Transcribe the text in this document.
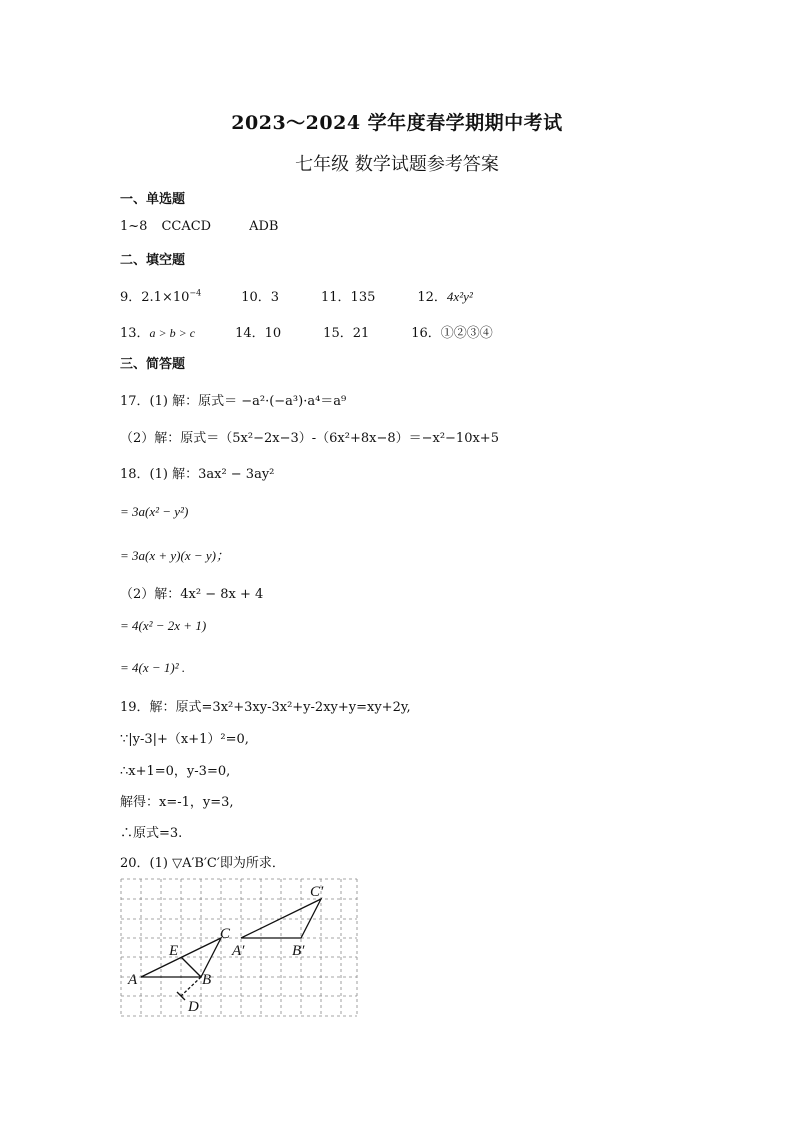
2023～2024 学年度春学期期中考试
七年级 数学试题参考答案
一、单选题
1~8 CCACD	ADB
二、填空题
9．$2.1\times 10^{-4}$	10．3	11．135	12．4x²y²
13．a > b > c	14．10	15．21	16．①②③④
三、简答题
17．(1) 解：原式＝ −a²·(−a³)·a⁴＝a⁹
（2）解：原式＝（5x²−2x−3）-（6x²+8x−8）＝−x²−10x+5
18．(1) 解：3ax² − 3ay²
= 3a(x² − y²)
= 3a(x + y)(x − y)；
（2）解：4x² − 8x + 4
= 4(x² − 2x + 1)
= 4(x − 1)² .
19．解：原式=3x²+3xy-3x²+y-2xy+y=xy+2y,
∵|y-3|+（x+1）²=0,
∴x+1=0，y-3=0,
解得：x=-1，y=3,
∴原式=3.
20．(1) ▽A′B′C′即为所求．
A	B
C
D
E	A′	B′
C′
